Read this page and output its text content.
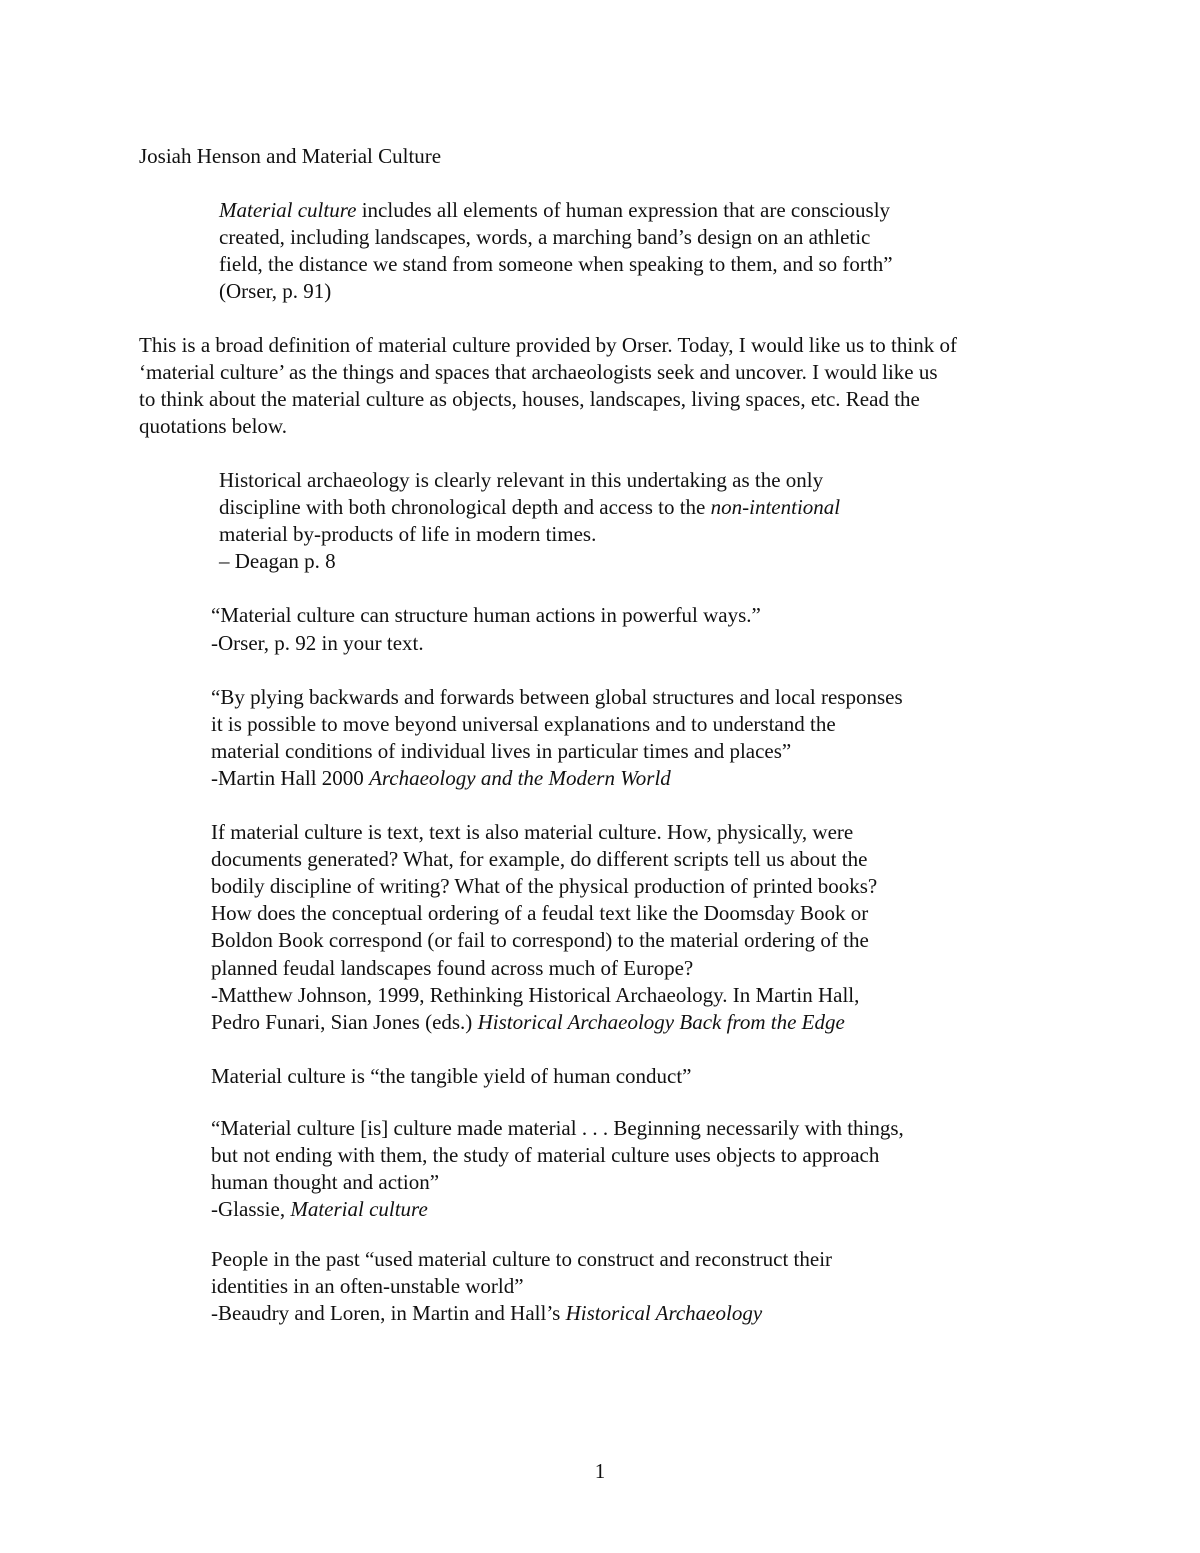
Josiah Henson and Material Culture
Material culture includes all elements of human expression that are consciously
created, including landscapes, words, a marching band’s design on an athletic
field, the distance we stand from someone when speaking to them, and so forth”
(Orser, p. 91)
This is a broad definition of material culture provided by Orser. Today, I would like us to think of
‘material culture’ as the things and spaces that archaeologists seek and uncover. I would like us
to think about the material culture as objects, houses, landscapes, living spaces, etc. Read the
quotations below.
Historical archaeology is clearly relevant in this undertaking as the only
discipline with both chronological depth and access to the non-intentional
material by-products of life in modern times.
– Deagan p. 8
“Material culture can structure human actions in powerful ways.”
-Orser, p. 92 in your text.
“By plying backwards and forwards between global structures and local responses
it is possible to move beyond universal explanations and to understand the
material conditions of individual lives in particular times and places”
-Martin Hall 2000 Archaeology and the Modern World
If material culture is text, text is also material culture. How, physically, were
documents generated? What, for example, do different scripts tell us about the
bodily discipline of writing? What of the physical production of printed books?
How does the conceptual ordering of a feudal text like the Doomsday Book or
Boldon Book correspond (or fail to correspond) to the material ordering of the
planned feudal landscapes found across much of Europe?
-Matthew Johnson, 1999, Rethinking Historical Archaeology. In Martin Hall,
Pedro Funari, Sian Jones (eds.) Historical Archaeology Back from the Edge
Material culture is “the tangible yield of human conduct”
“Material culture [is] culture made material . . . Beginning necessarily with things,
but not ending with them, the study of material culture uses objects to approach
human thought and action”
-Glassie, Material culture
People in the past “used material culture to construct and reconstruct their
identities in an often-unstable world”
-Beaudry and Loren, in Martin and Hall’s Historical Archaeology
1
